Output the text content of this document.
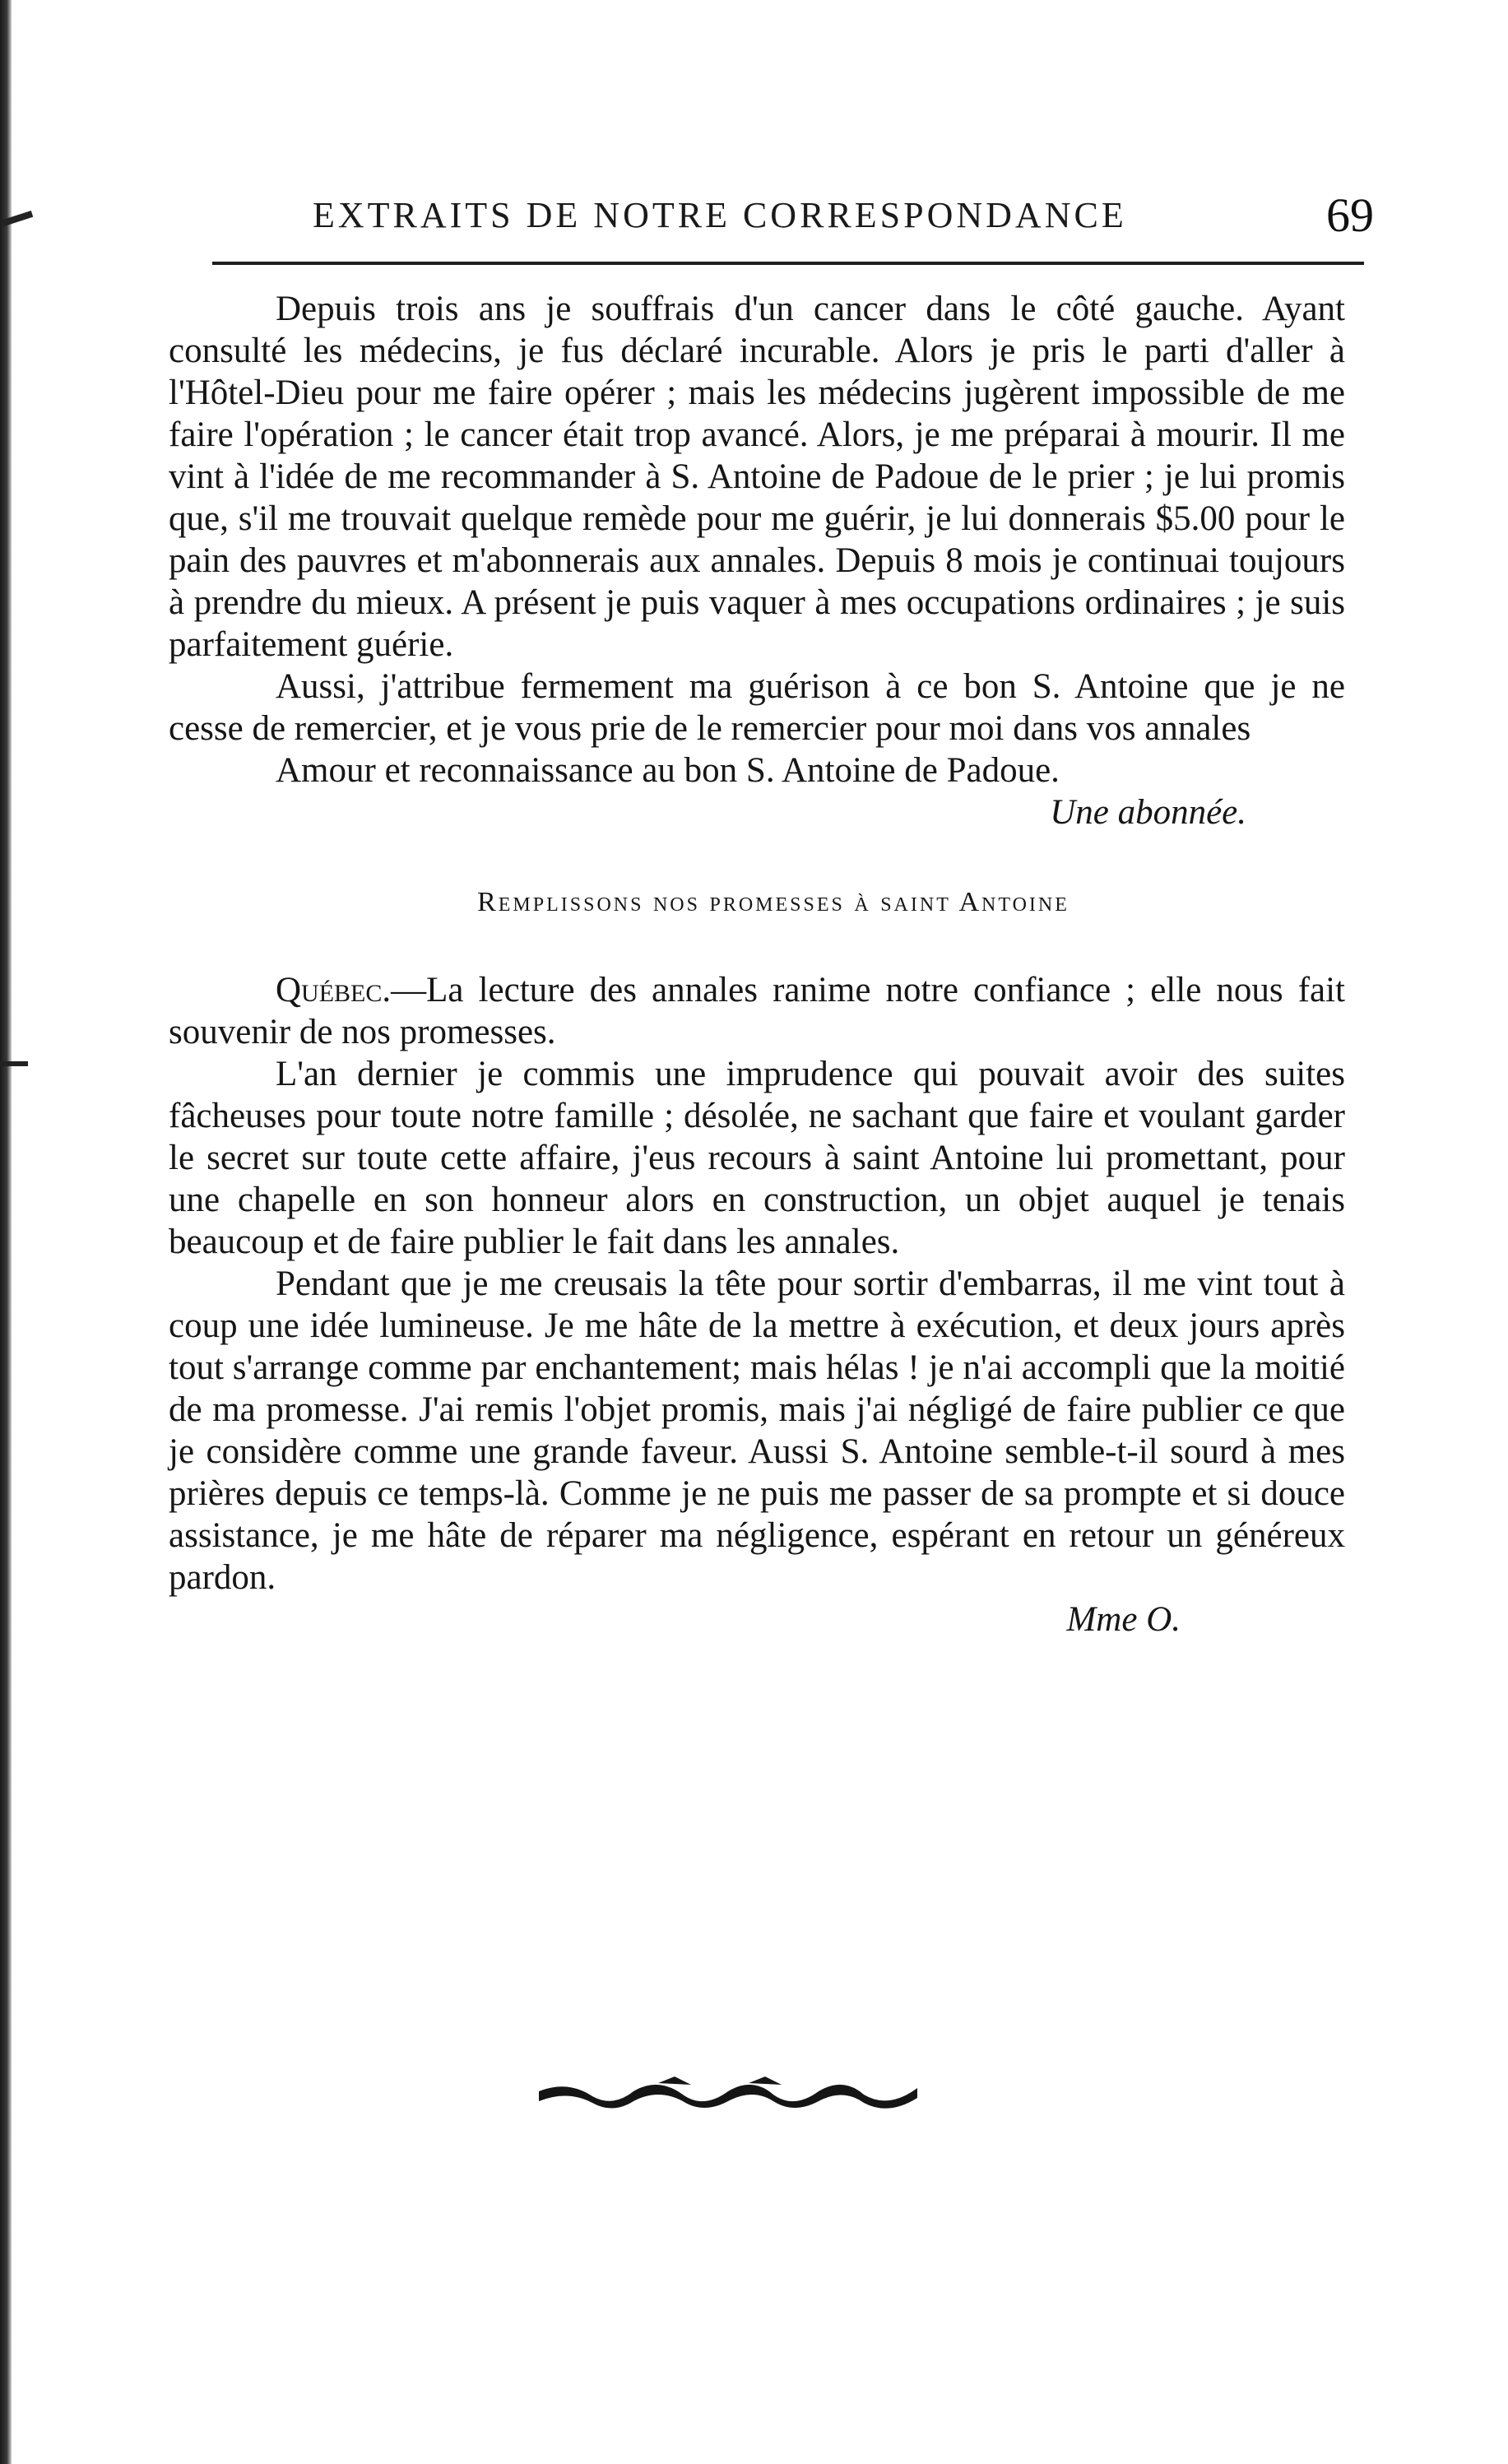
EXTRAITS DE NOTRE CORRESPONDANCE	69

Depuis trois ans je souffrais d'un cancer dans le côté gauche. Ayant consulté les médecins, je fus déclaré incurable. Alors je pris le parti d'aller à l'Hôtel-Dieu pour me faire opérer ; mais les médecins jugèrent impossible de me faire l'opération ; le cancer était trop avancé. Alors, je me préparai à mourir. Il me vint à l'idée de me recommander à S. Antoine de Padoue de le prier ; je lui promis que, s'il me trouvait quelque remède pour me guérir, je lui donnerais $5.00 pour le pain des pauvres et m'abonnerais aux annales. Depuis 8 mois je continuai toujours à prendre du mieux. A présent je puis vaquer à mes occupations ordinaires ; je suis parfaitement guérie.

Aussi, j'attribue fermement ma guérison à ce bon S. Antoine que je ne cesse de remercier, et je vous prie de le remercier pour moi dans vos annales

Amour et reconnaissance au bon S. Antoine de Padoue.

Une abonnée.

Remplissons nos promesses à saint Antoine

Québec.—La lecture des annales ranime notre confiance ; elle nous fait souvenir de nos promesses.

L'an dernier je commis une imprudence qui pouvait avoir des suites fâcheuses pour toute notre famille ; désolée, ne sachant que faire et voulant garder le secret sur toute cette affaire, j'eus recours à saint Antoine lui promettant, pour une chapelle en son honneur alors en construction, un objet auquel je tenais beaucoup et de faire publier le fait dans les annales.

Pendant que je me creusais la tête pour sortir d'embarras, il me vint tout à coup une idée lumineuse. Je me hâte de la mettre à exécution, et deux jours après tout s'arrange comme par enchantement; mais hélas ! je n'ai accompli que la moitié de ma promesse. J'ai remis l'objet promis, mais j'ai négligé de faire publier ce que je considère comme une grande faveur. Aussi S. Antoine semble-t-il sourd à mes prières depuis ce temps-là. Comme je ne puis me passer de sa prompte et si douce assistance, je me hâte de réparer ma négligence, espérant en retour un généreux pardon.

Mme O.
